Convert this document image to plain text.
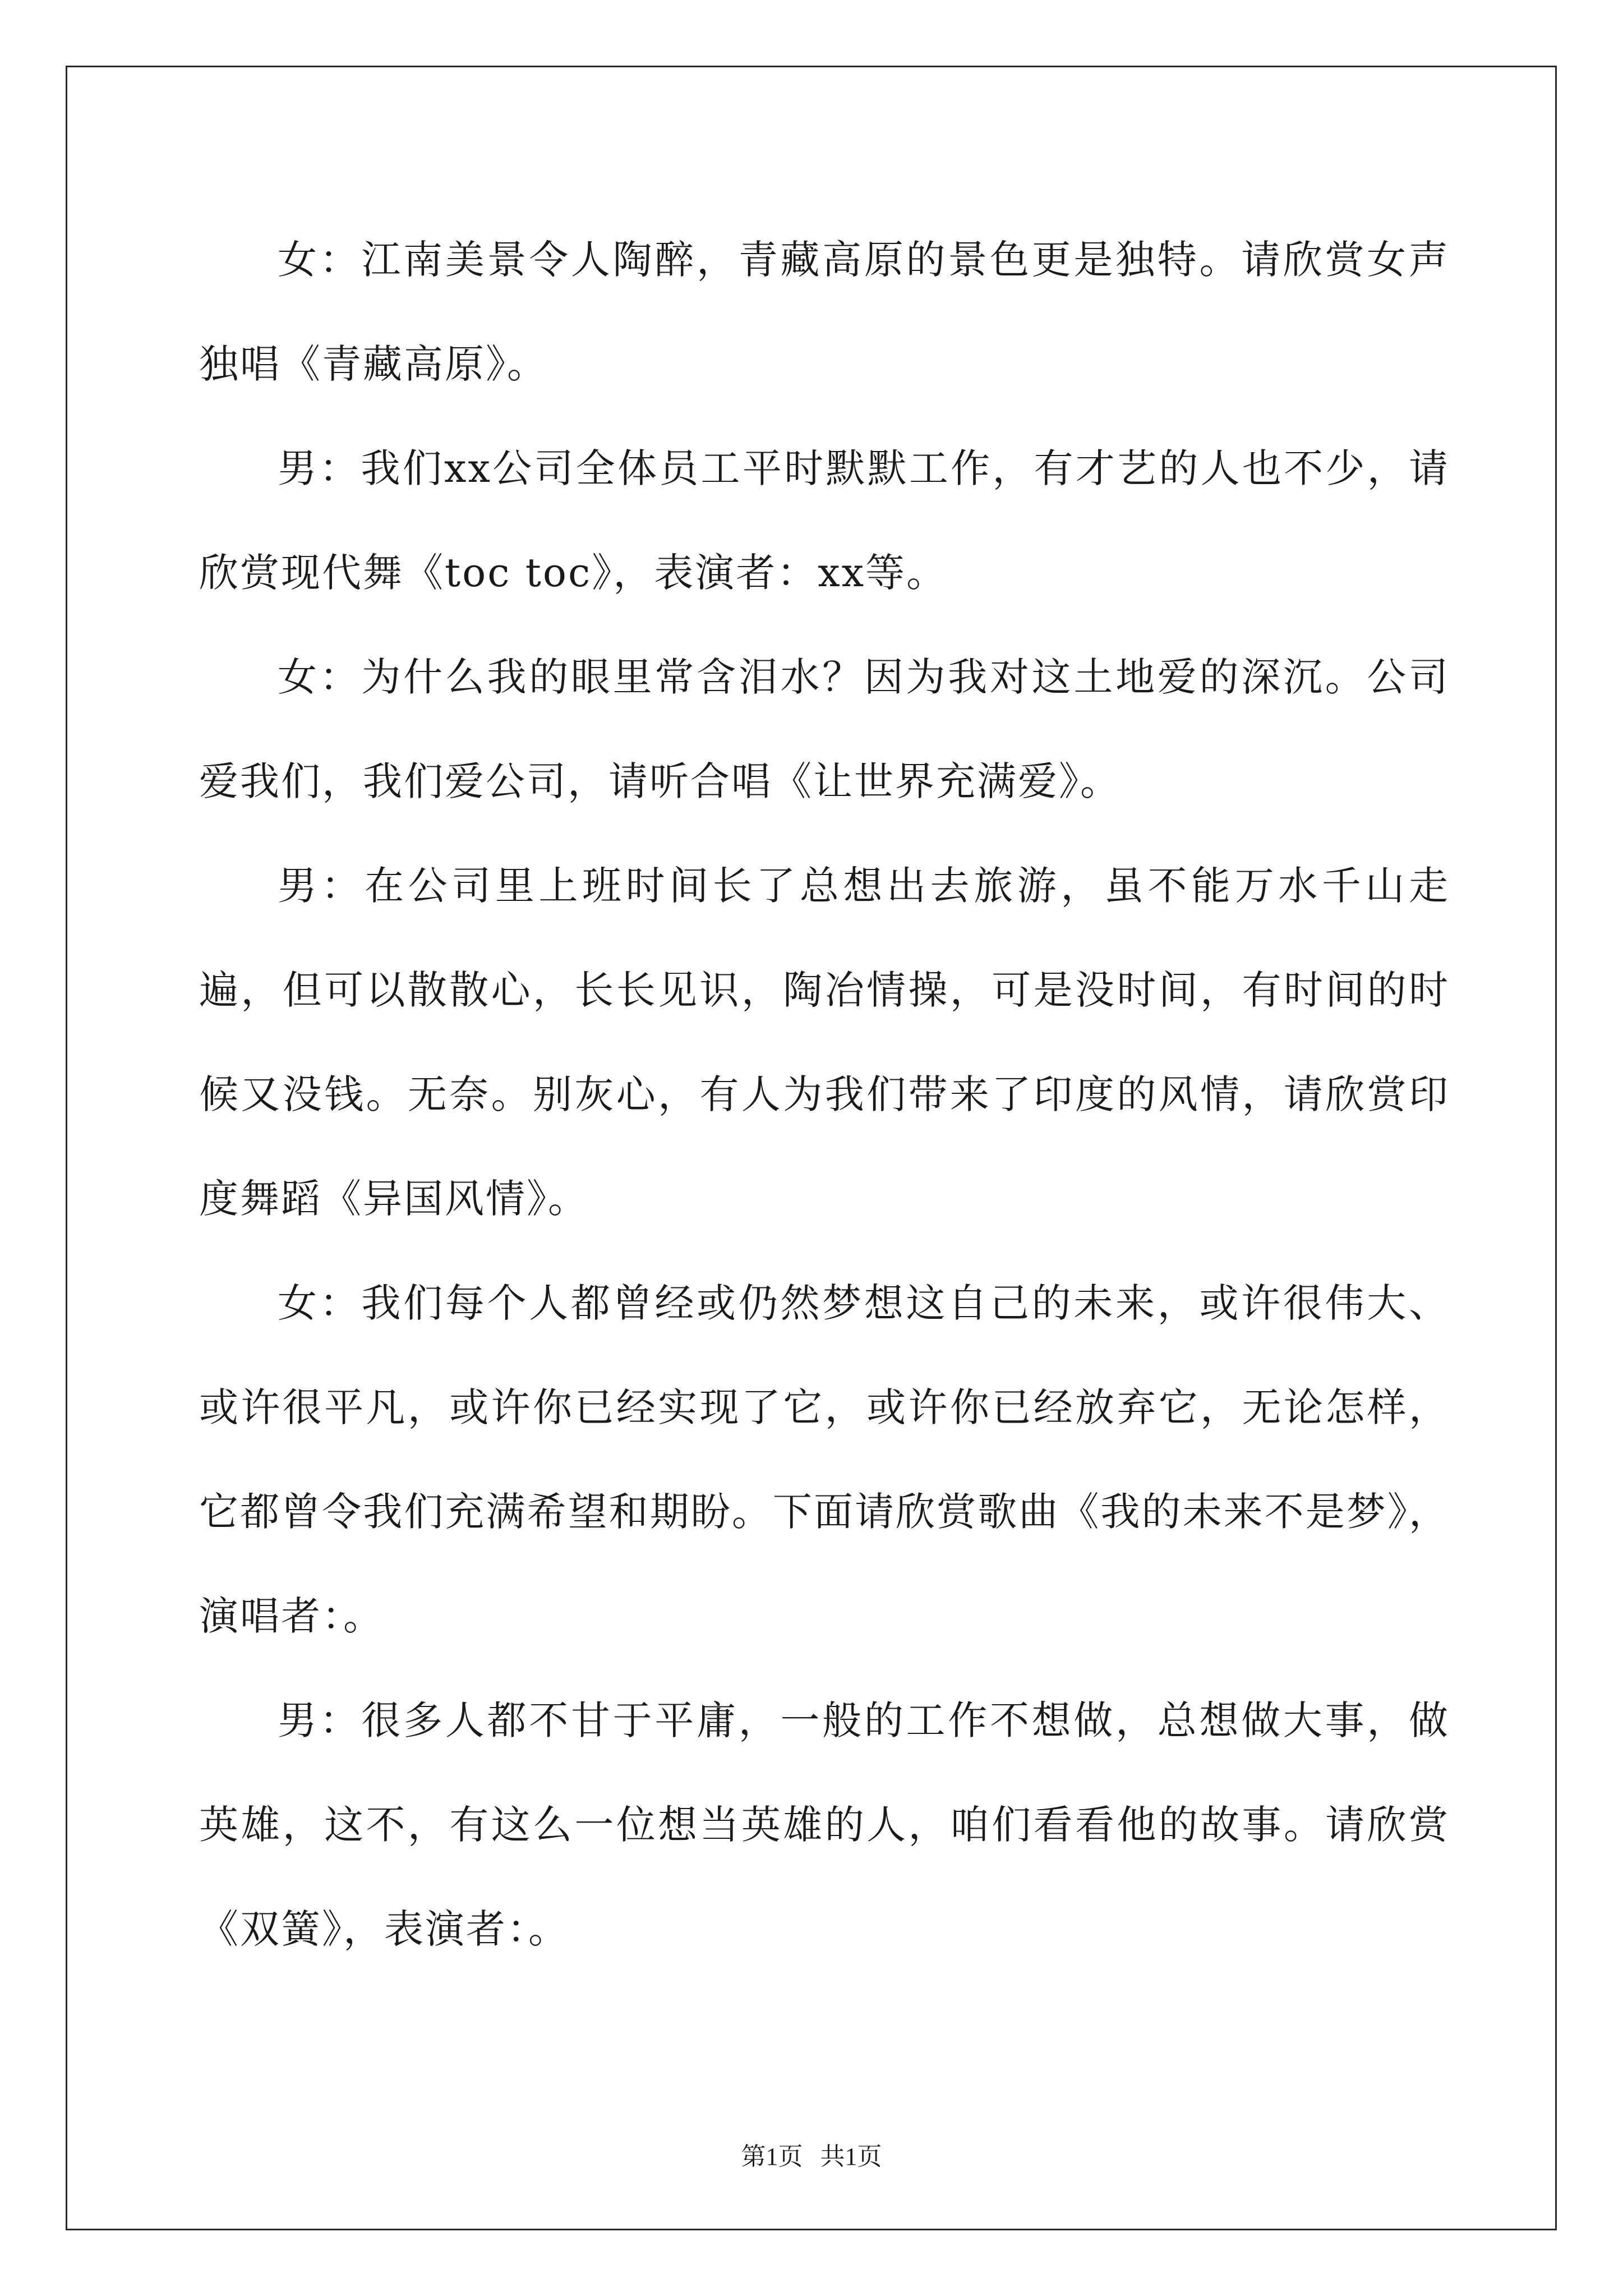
女：江南美景令人陶醉，青藏高原的景色更是独特。请欣赏女声独唱《青藏高原》。

男：我们xx公司全体员工平时默默工作，有才艺的人也不少，请欣赏现代舞《toc toc》，表演者：xx等。

女：为什么我的眼里常含泪水？因为我对这土地爱的深沉。公司爱我们，我们爱公司，请听合唱《让世界充满爱》。

男：在公司里上班时间长了总想出去旅游，虽不能万水千山走遍，但可以散散心，长长见识，陶冶情操，可是没时间，有时间的时候又没钱。无奈。别灰心，有人为我们带来了印度的风情，请欣赏印度舞蹈《异国风情》。

女：我们每个人都曾经或仍然梦想这自己的未来，或许很伟大、或许很平凡，或许你已经实现了它，或许你已经放弃它，无论怎样，它都曾令我们充满希望和期盼。下面请欣赏歌曲《我的未来不是梦》，演唱者：。

男：很多人都不甘于平庸，一般的工作不想做，总想做大事，做英雄，这不，有这么一位想当英雄的人，咱们看看他的故事。请欣赏《双簧》，表演者：。

第1页 共1页
